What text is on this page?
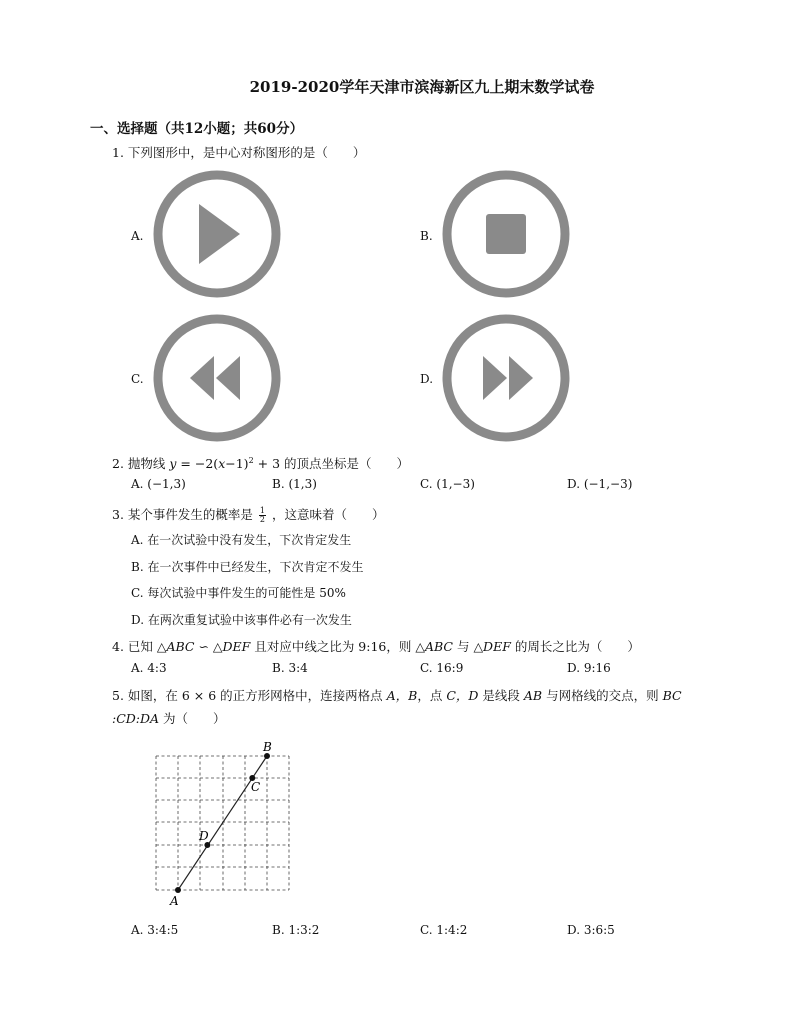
2019-2020学年天津市滨海新区九上期末数学试卷
一、选择题（共12小题；共60分）
1. 下列图形中，是中心对称图形的是（　　）
A.	B.
C.	D.
2. 抛物线 $y = -2(x-1)^2 + 3$ 的顶点坐标是（　　）
A. (−1,3)	B. (1,3)	C. (1,−3)	D. (−1,−3)
3. 某个事件发生的概率是 $\frac{1}{2}$ ，这意味着（　　）
A. 在一次试验中没有发生，下次肯定发生
B. 在一次事件中已经发生，下次肯定不发生
C. 每次试验中事件发生的可能性是 50%
D. 在两次重复试验中该事件必有一次发生
4. 已知 △ABC ∽ △DEF 且对应中线之比为 9:16，则 △ABC 与 △DEF 的周长之比为（　　）
A. 4:3	B. 3:4	C. 16:9	D. 9:16
5. 如图，在 6 × 6 的正方形网格中，连接两格点 A，B，点 C，D 是线段 AB 与网格线的交点，则 BC
:CD:DA 为（　　）
A
B
C
D
A. 3:4:5	B. 1:3:2	C. 1:4:2	D. 3:6:5
